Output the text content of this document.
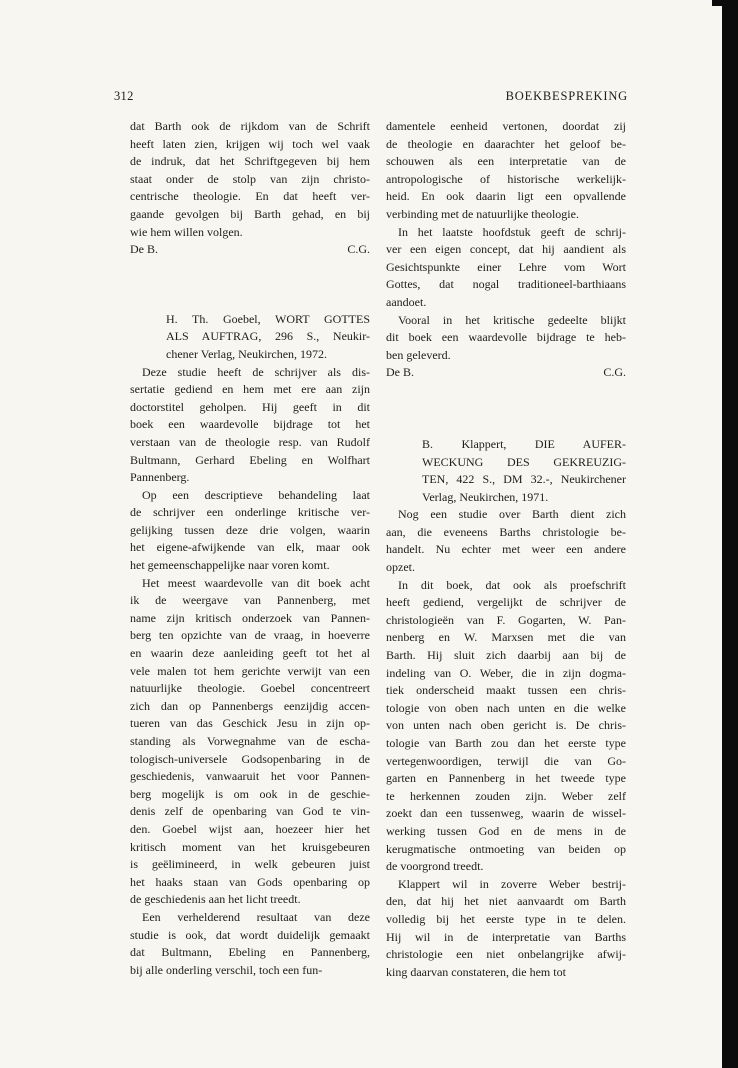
312	BOEKBESPREKING
dat Barth ook de rijkdom van de Schrift
heeft laten zien, krijgen wij toch wel vaak
de indruk, dat het Schriftgegeven bij hem
staat onder de stolp van zijn christo-
centrische theologie. En dat heeft ver-
gaande gevolgen bij Barth gehad, en bij
wie hem willen volgen.
De B.	C.G.
H. Th. Goebel, WORT GOTTES
ALS AUFTRAG, 296 S., Neukir-
chener Verlag, Neukirchen, 1972.
Deze studie heeft de schrijver als dis-
sertatie gediend en hem met ere aan zijn
doctorstitel geholpen. Hij geeft in dit
boek een waardevolle bijdrage tot het
verstaan van de theologie resp. van Rudolf
Bultmann, Gerhard Ebeling en Wolfhart
Pannenberg.
Op een descriptieve behandeling laat
de schrijver een onderlinge kritische ver-
gelijking tussen deze drie volgen, waarin
het eigene-afwijkende van elk, maar ook
het gemeenschappelijke naar voren komt.
Het meest waardevolle van dit boek acht
ik de weergave van Pannenberg, met
name zijn kritisch onderzoek van Pannen-
berg ten opzichte van de vraag, in hoeverre
en waarin deze aanleiding geeft tot het al
vele malen tot hem gerichte verwijt van een
natuurlijke theologie. Goebel concentreert
zich dan op Pannenbergs eenzijdig accen-
tueren van das Geschick Jesu in zijn op-
standing als Vorwegnahme van de escha-
tologisch-universele Godsopenbaring in de
geschiedenis, vanwaaruit het voor Pannen-
berg mogelijk is om ook in de geschie-
denis zelf de openbaring van God te vin-
den. Goebel wijst aan, hoezeer hier het
kritisch moment van het kruisgebeuren
is geëlimineerd, in welk gebeuren juist
het haaks staan van Gods openbaring op
de geschiedenis aan het licht treedt.
Een verhelderend resultaat van deze
studie is ook, dat wordt duidelijk gemaakt
dat Bultmann, Ebeling en Pannenberg,
bij alle onderling verschil, toch een fun-
damentele eenheid vertonen, doordat zij
de theologie en daarachter het geloof be-
schouwen als een interpretatie van de
antropologische of historische werkelijk-
heid. En ook daarin ligt een opvallende
verbinding met de natuurlijke theologie.
In het laatste hoofdstuk geeft de schrij-
ver een eigen concept, dat hij aandient als
Gesichtspunkte einer Lehre vom Wort
Gottes, dat nogal traditioneel-barthiaans
aandoet.
Vooral in het kritische gedeelte blijkt
dit boek een waardevolle bijdrage te heb-
ben geleverd.
De B.	C.G.
B. Klappert, DIE AUFER-
WECKUNG DES GEKREUZIG-
TEN, 422 S., DM 32.-, Neukirchener
Verlag, Neukirchen, 1971.
Nog een studie over Barth dient zich
aan, die eveneens Barths christologie be-
handelt. Nu echter met weer een andere
opzet.
In dit boek, dat ook als proefschrift
heeft gediend, vergelijkt de schrijver de
christologieën van F. Gogarten, W. Pan-
nenberg en W. Marxsen met die van
Barth. Hij sluit zich daarbij aan bij de
indeling van O. Weber, die in zijn dogma-
tiek onderscheid maakt tussen een chris-
tologie von oben nach unten en die welke
von unten nach oben gericht is. De chris-
tologie van Barth zou dan het eerste type
vertegenwoordigen, terwijl die van Go-
garten en Pannenberg in het tweede type
te herkennen zouden zijn. Weber zelf
zoekt dan een tussenweg, waarin de wissel-
werking tussen God en de mens in de
kerugmatische ontmoeting van beiden op
de voorgrond treedt.
Klappert wil in zoverre Weber bestrij-
den, dat hij het niet aanvaardt om Barth
volledig bij het eerste type in te delen.
Hij wil in de interpretatie van Barths
christologie een niet onbelangrijke afwij-
king daarvan constateren, die hem tot
